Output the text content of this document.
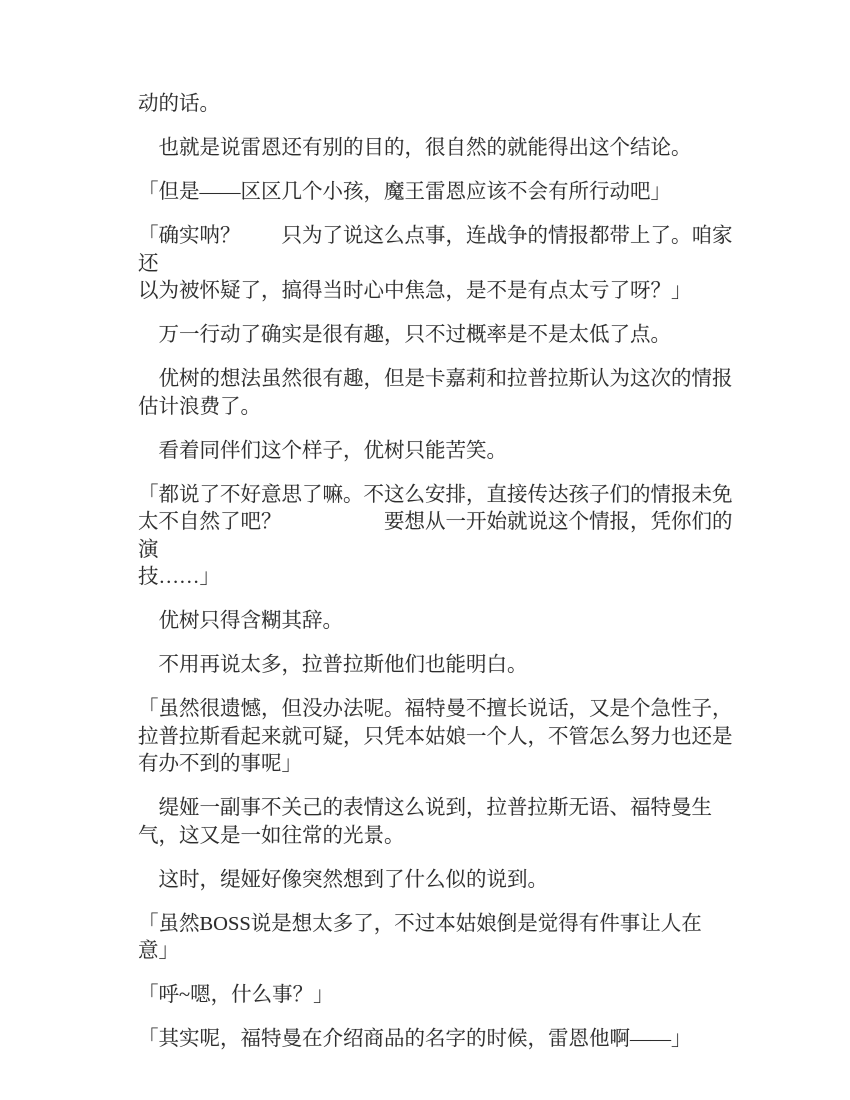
动的话。

　也就是说雷恩还有别的目的，很自然的就能得出这个结论。

「但是——区区几个小孩，魔王雷恩应该不会有所行动吧」

「确实呐？　　只为了说这么点事，连战争的情报都带上了。咱家还
以为被怀疑了，搞得当时心中焦急，是不是有点太亏了呀？」

　万一行动了确实是很有趣，只不过概率是不是太低了点。

　优树的想法虽然很有趣，但是卡嘉莉和拉普拉斯认为这次的情报
估计浪费了。

　看着同伴们这个样子，优树只能苦笑。

「都说了不好意思了嘛。不这么安排，直接传达孩子们的情报未免
太不自然了吧？　　　　　要想从一开始就说这个情报，凭你们的演
技……」

　优树只得含糊其辞。

　不用再说太多，拉普拉斯他们也能明白。

「虽然很遗憾，但没办法呢。福特曼不擅长说话，又是个急性子，
拉普拉斯看起来就可疑，只凭本姑娘一个人，不管怎么努力也还是
有办不到的事呢」

　缇娅一副事不关己的表情这么说到，拉普拉斯无语、福特曼生
气，这又是一如往常的光景。

　这时，缇娅好像突然想到了什么似的说到。

「虽然BOSS说是想太多了，不过本姑娘倒是觉得有件事让人在
意」

「呼~嗯，什么事？」

「其实呢，福特曼在介绍商品的名字的时候，雷恩他啊——」
